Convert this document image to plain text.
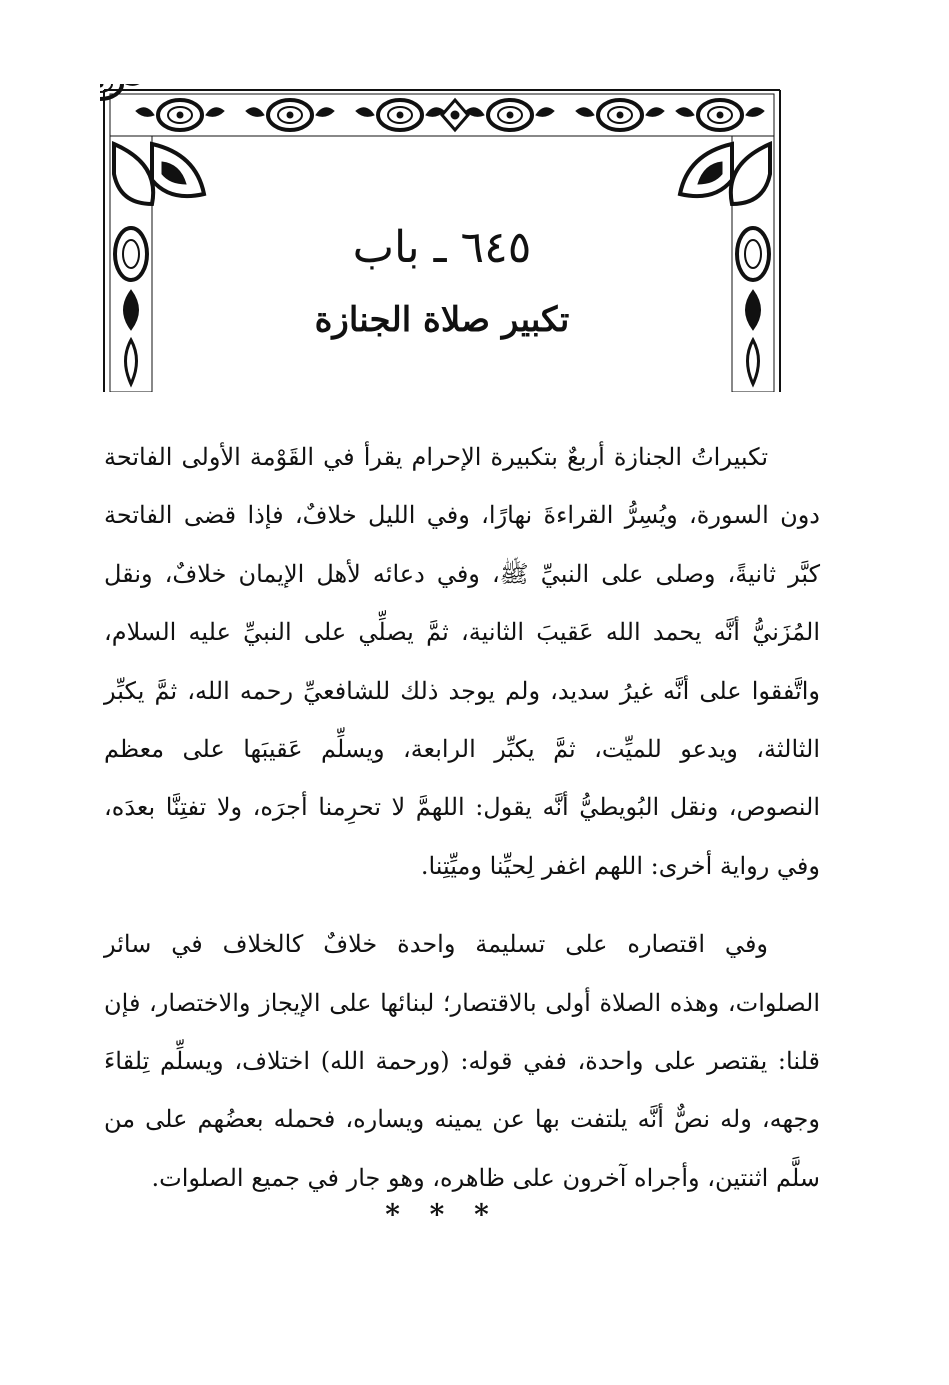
٦٤٥ ـ باب
تكبير صلاة الجنازة

تكبيراتُ الجنازة أربعٌ بتكبيرة الإحرام يقرأ في القَوْمة الأولى الفاتحة دون السورة، ويُسِرُّ القراءةَ نهارًا، وفي الليل خلافٌ، فإذا قضى الفاتحة كبَّر ثانيةً، وصلى على النبيِّ ﷺ، وفي دعائه لأهل الإيمان خلافٌ، ونقل المُزَنيُّ أنَّه يحمد الله عَقيبَ الثانية، ثمَّ يصلِّي على النبيِّ عليه السلام، واتَّفقوا على أنَّه غيرُ سديد، ولم يوجد ذلك للشافعيِّ رحمه الله، ثمَّ يكبِّر الثالثة، ويدعو للميِّت، ثمَّ يكبِّر الرابعة، ويسلِّم عَقيبَها على معظم النصوص، ونقل البُويطيُّ أنَّه يقول: اللهمَّ لا تحرِمنا أجرَه، ولا تفتِنَّا بعدَه، وفي رواية أخرى: اللهم اغفر لِحيِّنا وميِّتِنا.

وفي اقتصاره على تسليمة واحدة خلافٌ كالخلاف في سائر الصلوات، وهذه الصلاة أولى بالاقتصار؛ لبنائها على الإيجاز والاختصار، فإن قلنا: يقتصر على واحدة، ففي قوله: (ورحمة الله) اختلاف، ويسلِّم تِلقاءَ وجهه، وله نصٌّ أنَّه يلتفت بها عن يمينه ويساره، فحمله بعضُهم على من سلَّم اثنتين، وأجراه آخرون على ظاهره، وهو جار في جميع الصلوات.

* * *
